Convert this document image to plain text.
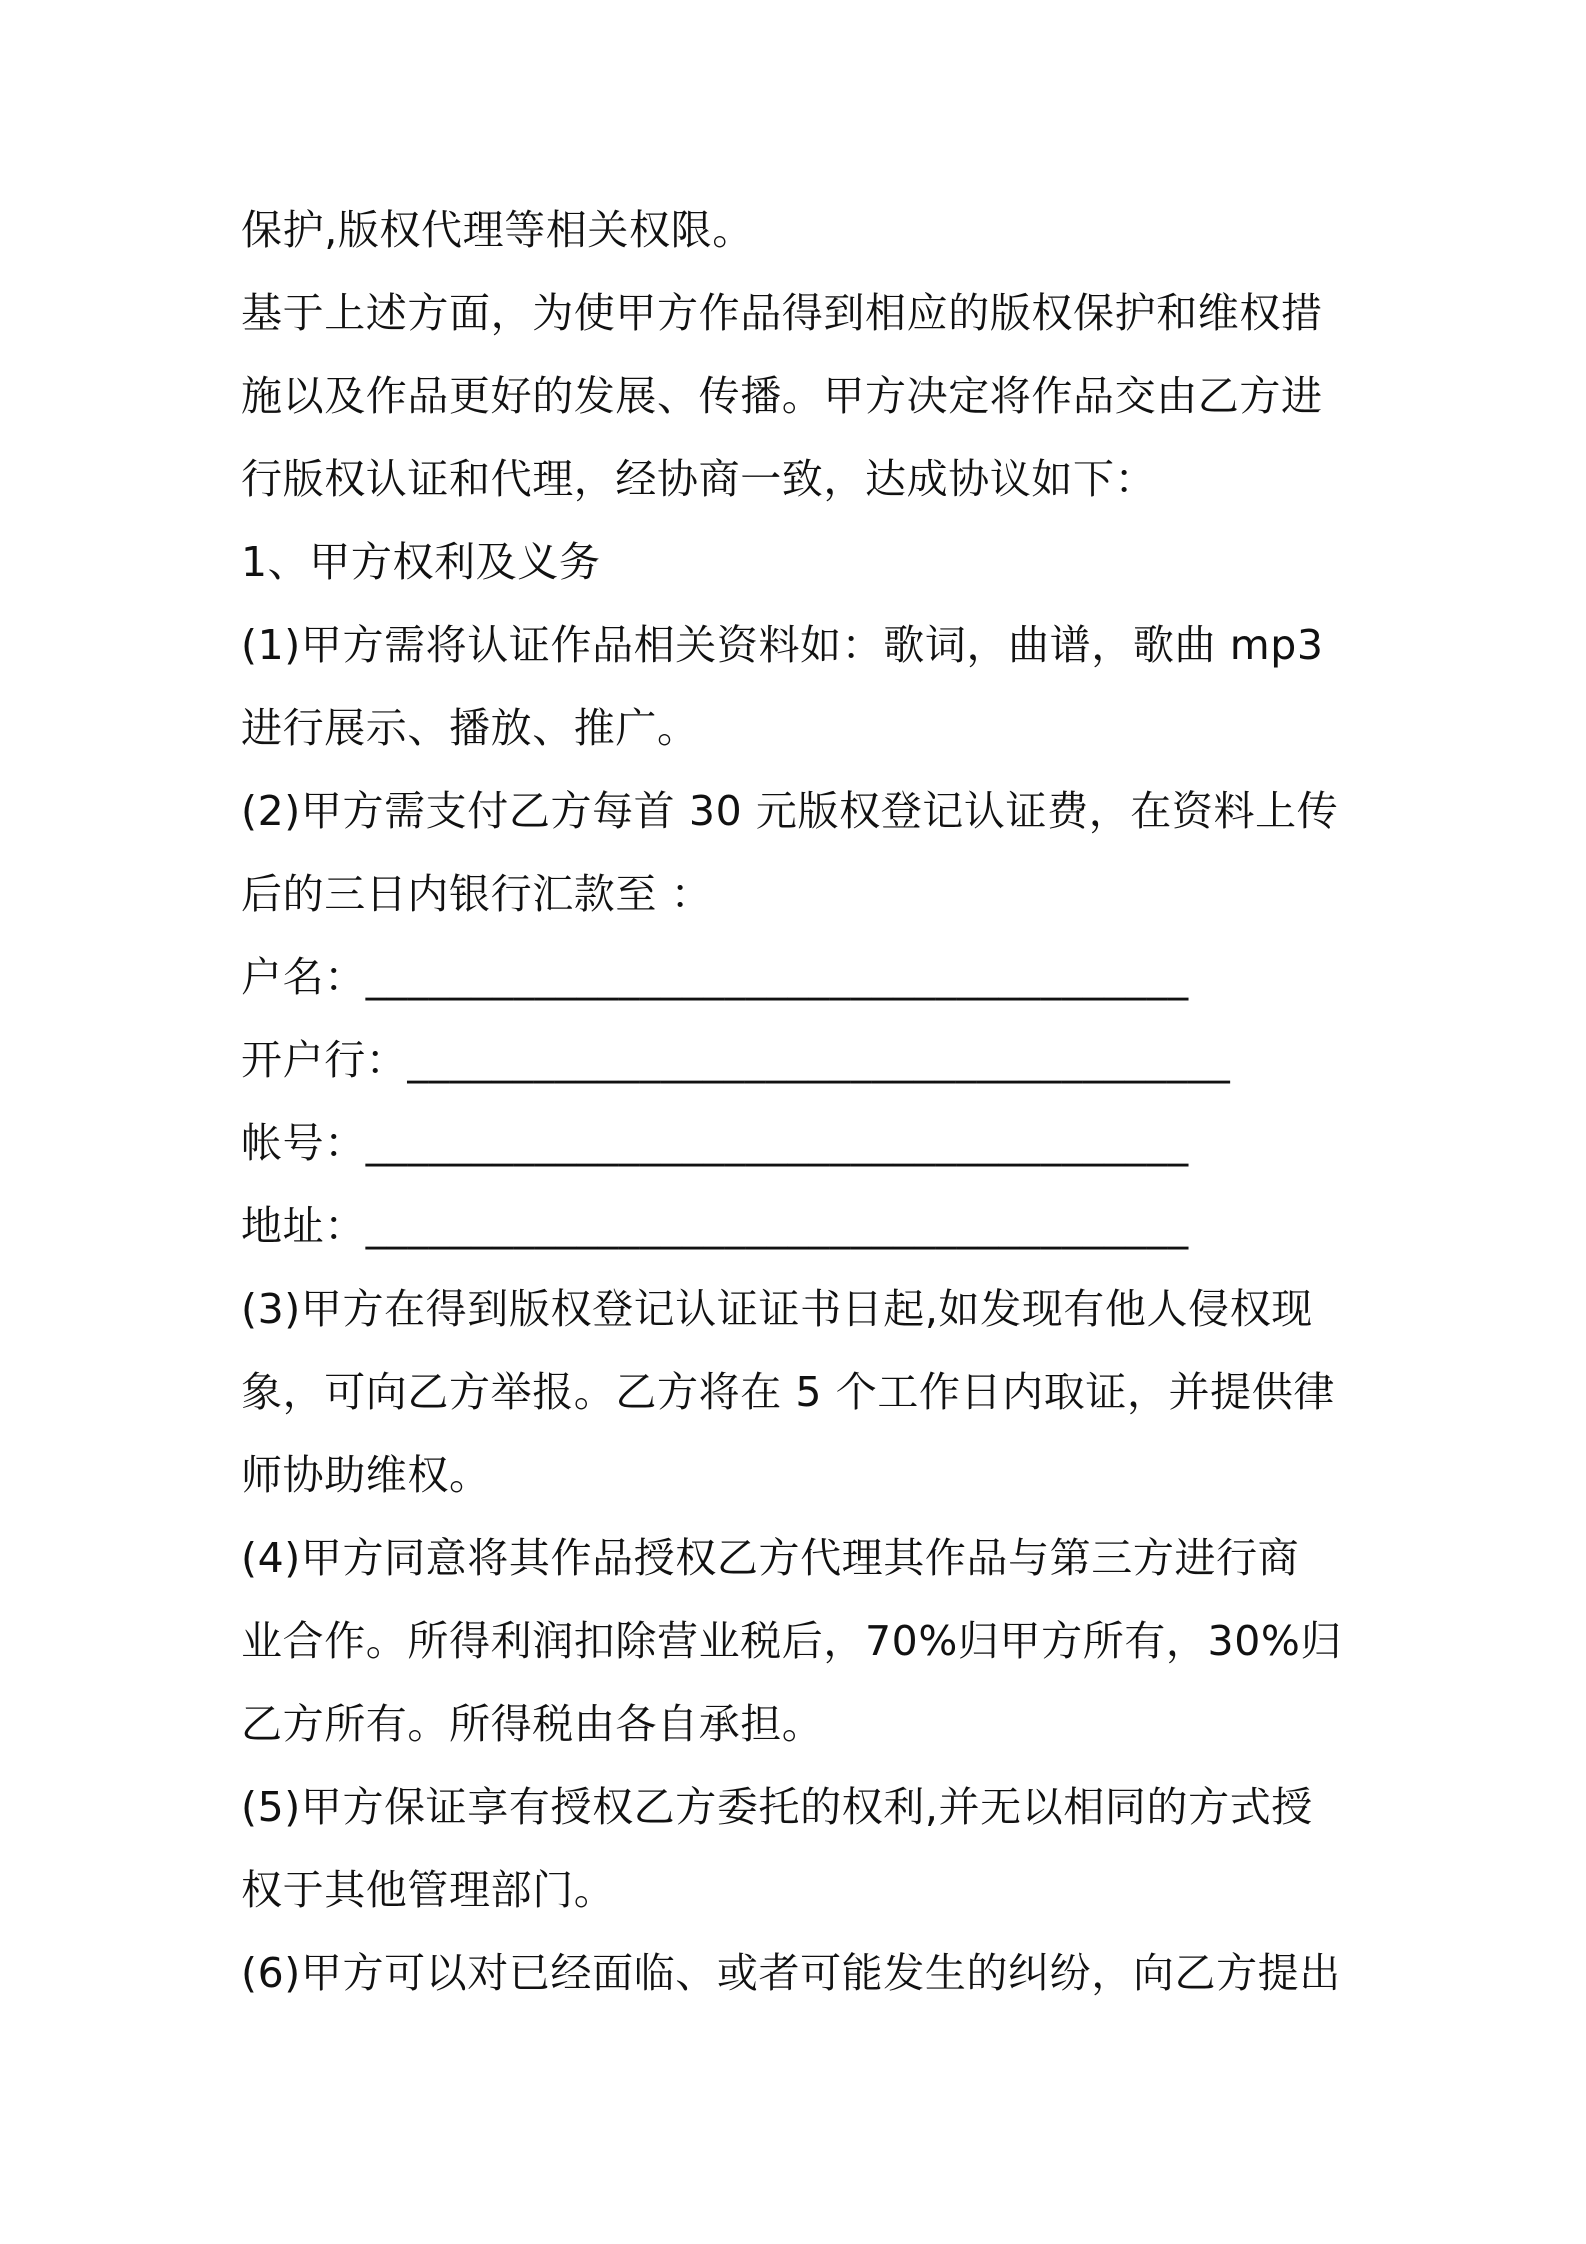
保护,版权代理等相关权限。
基于上述方面，为使甲方作品得到相应的版权保护和维权措
施以及作品更好的发展、传播。甲方决定将作品交由乙方进
行版权认证和代理，经协商一致，达成协议如下：
1、甲方权利及义务
(1)甲方需将认证作品相关资料如：歌词，曲谱，歌曲 mp3
进行展示、播放、推广。
(2)甲方需支付乙方每首 30 元版权登记认证费，在资料上传
后的三日内银行汇款至 ：
户名：_______________________________________
开户行：_______________________________________
帐号：_______________________________________
地址：_______________________________________
(3)甲方在得到版权登记认证证书日起,如发现有他人侵权现
象，可向乙方举报。乙方将在 5 个工作日内取证，并提供律
师协助维权。
(4)甲方同意将其作品授权乙方代理其作品与第三方进行商
业合作。所得利润扣除营业税后，70%归甲方所有，30%归
乙方所有。所得税由各自承担。
(5)甲方保证享有授权乙方委托的权利,并无以相同的方式授
权于其他管理部门。
(6)甲方可以对已经面临、或者可能发生的纠纷，向乙方提出
